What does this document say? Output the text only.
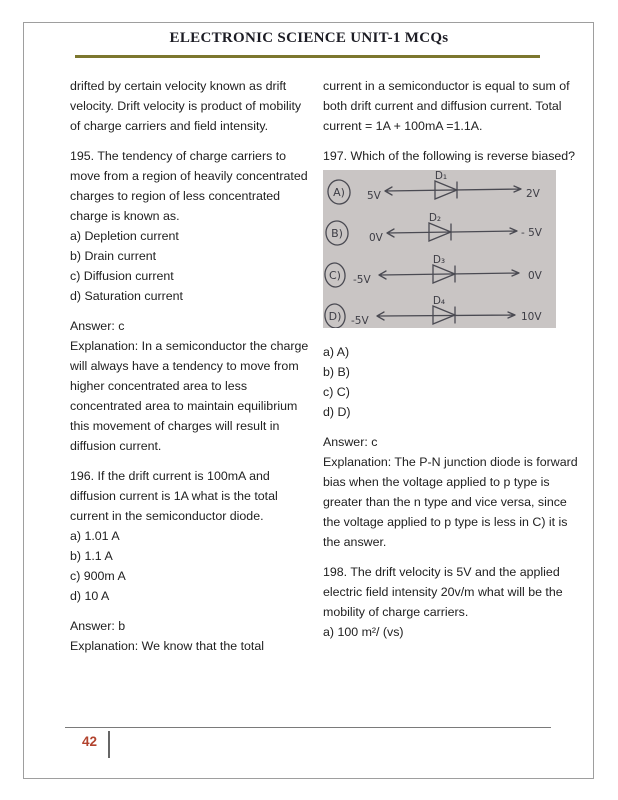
ELECTRONIC SCIENCE UNIT-1 MCQs

drifted by certain velocity known as drift velocity. Drift velocity is product of mobility of charge carriers and field intensity.

195. The tendency of charge carriers to move from a region of heavily concentrated charges to region of less concentrated charge is known as.

a) Depletion current
b) Drain current
c) Diffusion current
d) Saturation current
Answer: c

Explanation: In a semiconductor the charge will always have a tendency to move from higher concentrated area to less concentrated area to maintain equilibrium this movement of charges will result in diffusion current.

196. If the drift current is 100mA and diffusion current is 1A what is the total current in the semiconductor diode.

a) 1.01 A
b) 1.1 A
c) 900m A
d) 10 A
Answer: b
Explanation: We know that the total

current in a semiconductor is equal to sum of both drift current and diffusion current. Total current = 1A + 100mA =1.1A.

197. Which of the following is reverse biased?

A) 5V
D₁
2V
B) 0V
D₂
- 5V
C) -5V
D₃
0V
D) -5V
D₄
10V
a) A)
b) B)
c) C)
d) D)
Answer: c

Explanation: The P-N junction diode is forward bias when the voltage applied to p type is greater than the n type and vice versa, since the voltage applied to p type is less in C) it is the answer.

198. The drift velocity is 5V and the applied electric field intensity 20v/m what will be the mobility of charge carriers.

a) 100 m²/ (vs)
42
